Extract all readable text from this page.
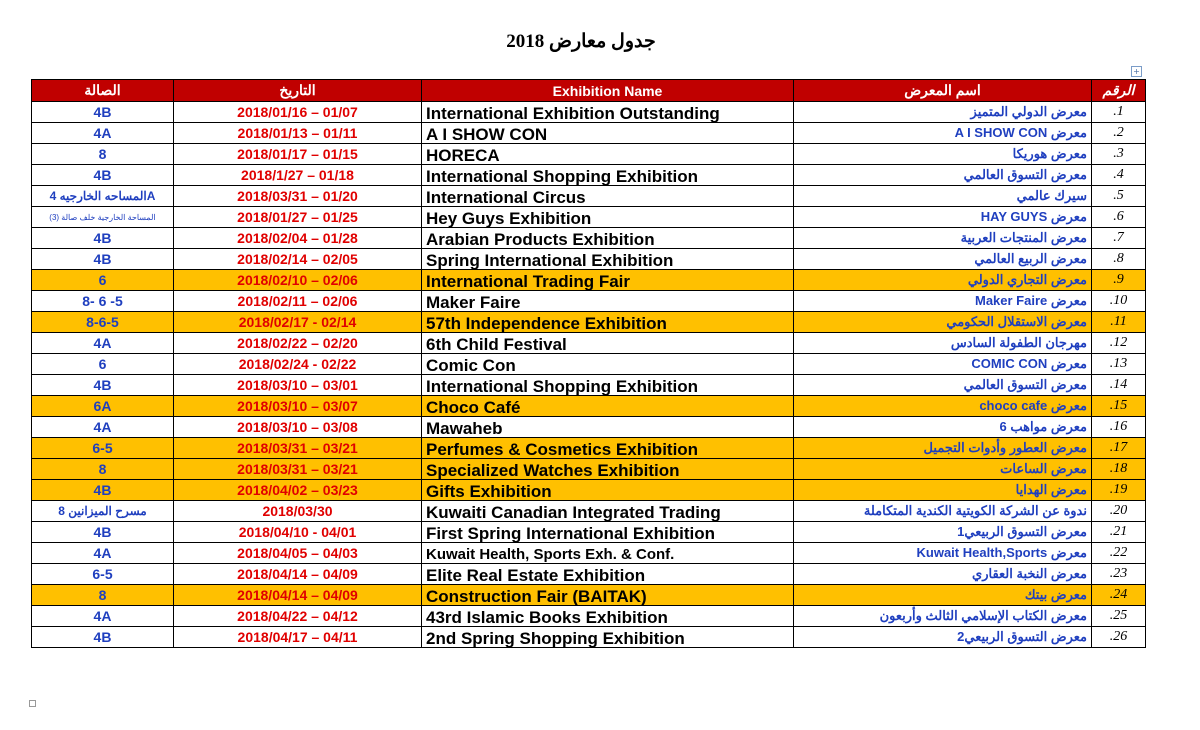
جدول معارض 2018
+
الصالة	التاريخ	Exhibition Name	اسم المعرض	الرقم
4B	2018/01/16 – 01/07	International Exhibition Outstanding	معرض الدولي المتميز	.1
4A	2018/01/13 – 01/11	A I SHOW CON	معرض A I SHOW CON	.2
8	2018/01/17 – 01/15	HORECA	معرض هوريكا	.3
4B	2018/1/27 – 01/18	International Shopping Exhibition	معرض التسوق العالمي	.4
المساحه الخارجيه 4A	2018/03/31 – 01/20	International Circus	سيرك عالمي	.5
المساحة الخارجية خلف صالة (3)	2018/01/27 – 01/25	Hey Guys Exhibition	معرض HAY GUYS	.6
4B	2018/02/04 – 01/28	Arabian Products Exhibition	معرض المنتجات العربية	.7
4B	2018/02/14 – 02/05	Spring International Exhibition	معرض الربيع العالمي	.8
6	2018/02/10 – 02/06	International Trading Fair	معرض التجاري الدولي	.9
8- 6 -5	2018/02/11 – 02/06	Maker Faire	معرض Maker Faire	.10
8-6-5	2018/02/17 - 02/14	57th Independence Exhibition	معرض الاستقلال الحكومي	.11
4A	2018/02/22 – 02/20	6th Child Festival	مهرجان الطفولة السادس	.12
6	2018/02/24 - 02/22	Comic Con	معرض COMIC CON	.13
4B	2018/03/10 – 03/01	International Shopping Exhibition	معرض التسوق العالمي	.14
6A	2018/03/10 – 03/07	Choco Café	معرض choco cafe	.15
4A	2018/03/10 – 03/08	Mawaheb	معرض مواهب 6	.16
6-5	2018/03/31 – 03/21	Perfumes & Cosmetics Exhibition	معرض العطور وأدوات التجميل	.17
8	2018/03/31 – 03/21	Specialized Watches Exhibition	معرض الساعات	.18
4B	2018/04/02 – 03/23	Gifts Exhibition	معرض الهدايا	.19
مسرح الميزانين 8	2018/03/30	Kuwaiti Canadian Integrated Trading	ندوة عن الشركة الكويتية الكندية المتكاملة	.20
4B	2018/04/10 - 04/01	First Spring International Exhibition	معرض التسوق الربيعي1	.21
4A	2018/04/05 – 04/03	Kuwait Health, Sports Exh. & Conf.	معرض Kuwait Health,Sports	.22
6-5	2018/04/14 – 04/09	Elite Real Estate Exhibition	معرض النخبة العقاري	.23
8	2018/04/14 – 04/09	Construction Fair (BAITAK)	معرض بيتك	.24
4A	2018/04/22 – 04/12	43rd Islamic Books Exhibition	معرض الكتاب الإسلامي الثالث وأربعون	.25
4B	2018/04/17 – 04/11	2nd Spring Shopping Exhibition	معرض التسوق الربيعي2	.26
